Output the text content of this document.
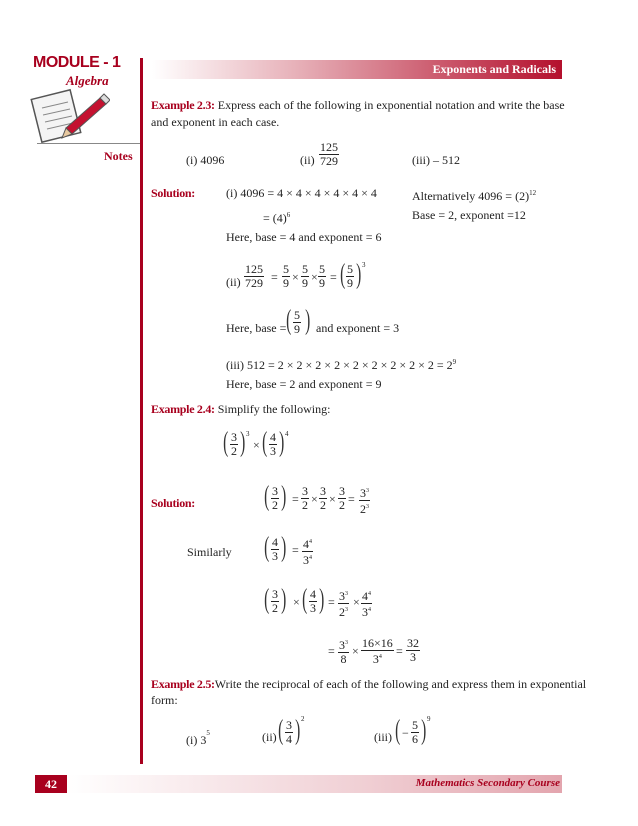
MODULE - 1
Algebra
Notes
Exponents and Radicals
Example 2.3: Express each of the following in exponential notation and write the base
and exponent in each case.
(i) 4096	$(ii) \frac{125}{729}$	(iii) – 512
Solution:	(i) 4096 = 4 × 4 × 4 × 4 × 4 × 4	Alternatively $4096 = (2)^{12}$
= $(4)^6$	Base = 2, exponent =12
Here, base = 4 and exponent = 6
$(ii) \frac{125}{729} = \frac{5}{9} \times \frac{5}{9} \times \frac{5}{9}$ = ( $\frac{5}{9}$ ) 3
Here, base = ( $\frac{5}{9}$ ) and exponent = 3
(iii) $512 = 2 \times 2 \times 2 \times 2 \times 2 \times 2 \times 2 \times 2 \times 2 = 2^9$
Here, base = 2 and exponent = 9
Example 2.4: Simplify the following:
( $\frac{3}{2}$ ) 3
× ( $\frac{4}{3}$ ) 4
Solution: ( $\frac{3}{2}$ ) = $\frac{3}{2} \times \frac{3}{2} \times \frac{3}{2} = \frac{3^3}{2^3}$
Similarly ( $\frac{4}{3}$ ) = $\frac{4^4}{3^4}$
( $\frac{3}{2}$ ) × ( $\frac{4}{3}$ ) = $\frac{3^3}{2^3} \times \frac{4^4}{3^4}$
= $\frac{3^3}{8} \times \frac{16\times 16}{3^4} = \frac{32}{3}$
Example 2.5:Write the reciprocal of each of the following and express them in exponential
form:
(i) $3^5$	(ii) ( $\frac{3}{4}$ ) 2
(iii) ( − $\frac{5}{6}$ ) 9
42	Mathematics Secondary Course
